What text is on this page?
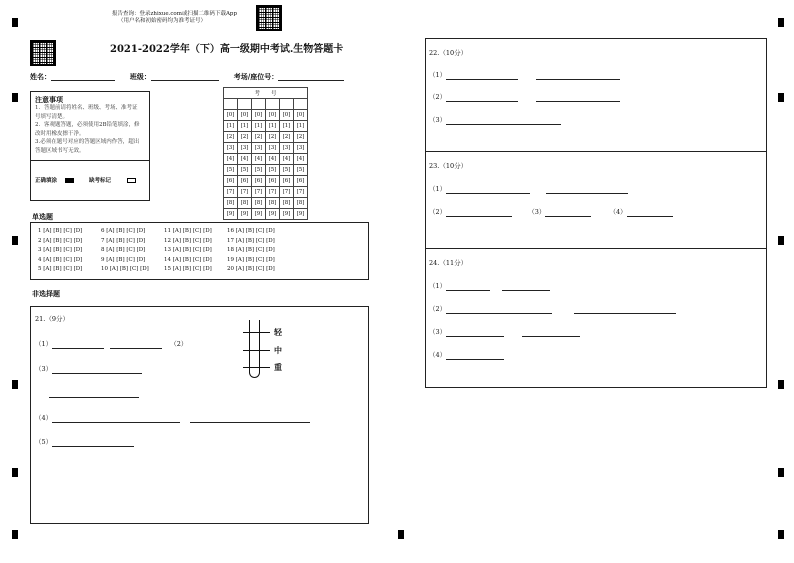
报告查询：登录zhixue.com或扫描二维码下载App
（用户名和初始密码均为准考证号）
2021-2022学年（下）高一级期中考试.生物答题卡
姓名：	班级：	考场/座位号：
注意事项
1．答题前请将姓名、班级、考场、准考证
号填写清楚。
2．客观题答题，必须使用2B铅笔填涂，修
改时用橡皮擦干净。
3.必须在题号对应的答题区域内作答，超出
答题区域书写无效。
正确填涂	缺考标记
考　　号					

[0]	[0]	[0]	[0]	[0]	[0]
[1]	[1]	[1]	[1]	[1]	[1]
[2]	[2]	[2]	[2]	[2]	[2]
[3]	[3]	[3]	[3]	[3]	[3]
[4]	[4]	[4]	[4]	[4]	[4]
[5]	[5]	[5]	[5]	[5]	[5]
[6]	[6]	[6]	[6]	[6]	[6]
[7]	[7]	[7]	[7]	[7]	[7]
[8]	[8]	[8]	[8]	[8]	[8]
[9]	[9]	[9]	[9]	[9]	[9]
单选题
1 [A] [B] [C] [D]	6 [A] [B] [C] [D]	11 [A] [B] [C] [D]	16 [A] [B] [C] [D]
2 [A] [B] [C] [D]	7 [A] [B] [C] [D]	12 [A] [B] [C] [D]	17 [A] [B] [C] [D]
3 [A] [B] [C] [D]	8 [A] [B] [C] [D]	13 [A] [B] [C] [D]	18 [A] [B] [C] [D]
4 [A] [B] [C] [D]	9 [A] [B] [C] [D]	14 [A] [B] [C] [D]	19 [A] [B] [C] [D]
5 [A] [B] [C] [D]	10 [A] [B] [C] [D]	15 [A] [B] [C] [D]	20 [A] [B] [C] [D]
非选择题
21.（9分）
（1）	（2）
（3）
（4）
（5）
轻
中
重
22.（10分）
（1）
（2）
（3）
23.（10分）
（1）
（2）	（3）	（4）
24.（11分）
（1）
（2）
（3）
（4）
